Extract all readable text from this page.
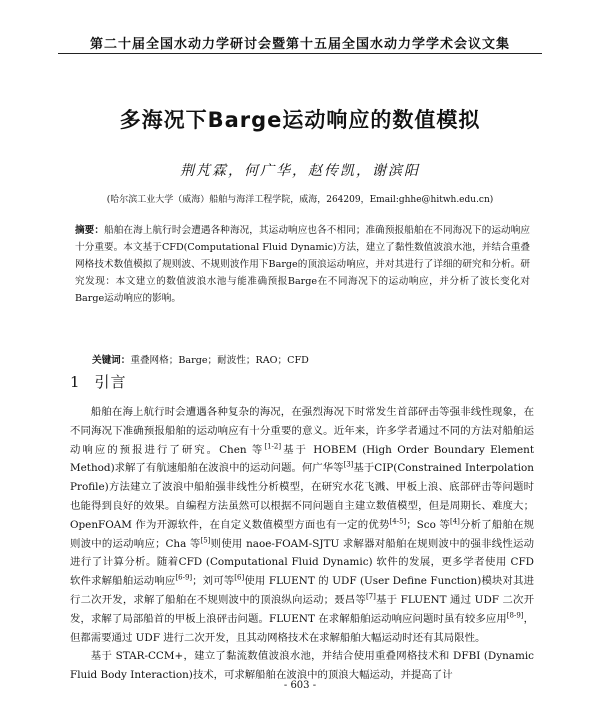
第二十届全国水动力学研讨会暨第十五届全国水动力学学术会议文集
多海况下Barge运动响应的数值模拟
荆芃霖，何广华，赵传凯，谢滨阳
(哈尔滨工业大学（威海）船舶与海洋工程学院，威海，264209，Email:ghhe@hitwh.edu.cn)
摘要：船舶在海上航行时会遭遇各种海况，其运动响应也各不相同；准确预报船舶在不同海况下的运动响应十分重要。本文基于CFD(Computational Fluid Dynamic)方法，建立了黏性数值波浪水池，并结合重叠网格技术数值模拟了规则波、不规则波作用下Barge的顶浪运动响应，并对其进行了详细的研究和分析。研究发现：本文建立的数值波浪水池与能准确预报Barge在不同海况下的运动响应，并分析了波长变化对Barge运动响应的影响。
关键词：重叠网格；Barge；耐波性；RAO；CFD
1 引言

船舶在海上航行时会遭遇各种复杂的海况，在强烈海况下时常发生首部砰击等强非线性现象，在不同海况下准确预报船舶的运动响应有十分重要的意义。近年来，许多学者通过不同的方法对船舶运动响应的预报进行了研究。Chen 等[1-2]基于 HOBEM (High Order Boundary Element Method)求解了有航速船舶在波浪中的运动问题。何广华等[3]基于CIP(Constrained Interpolation Profile)方法建立了波浪中船舶强非线性分析模型，在研究水花飞溅、甲板上浪、底部砰击等问题时也能得到良好的效果。自编程方法虽然可以根据不同问题自主建立数值模型，但是周期长、难度大；OpenFOAM 作为开源软件，在自定义数值模型方面也有一定的优势[4-5]；Sco 等[4]分析了船舶在规则波中的运动响应；Cha 等[5]则使用 naoe-FOAM-SJTU 求解器对船舶在规则波中的强非线性运动进行了计算分析。随着CFD (Computational Fluid Dynamic) 软件的发展，更多学者使用 CFD 软件求解船舶运动响应[6-9]；刘可等[6]使用 FLUENT 的 UDF (User Define Function)模块对其进行二次开发，求解了船舶在不规则波中的顶浪纵向运动；聂昌等[7]基于 FLUENT 通过 UDF 二次开发，求解了局部船首的甲板上浪砰击问题。FLUENT 在求解船舶运动响应问题时虽有较多应用[8-9]，但都需要通过 UDF 进行二次开发，且其动网格技术在求解船舶大幅运动时还有其局限性。

基于 STAR-CCM+，建立了黏流数值波浪水池，并结合使用重叠网格技术和 DFBI (Dynamic Fluid Body Interaction)技术，可求解船舶在波浪中的顶浪大幅运动，并提高了计

- 603 -
